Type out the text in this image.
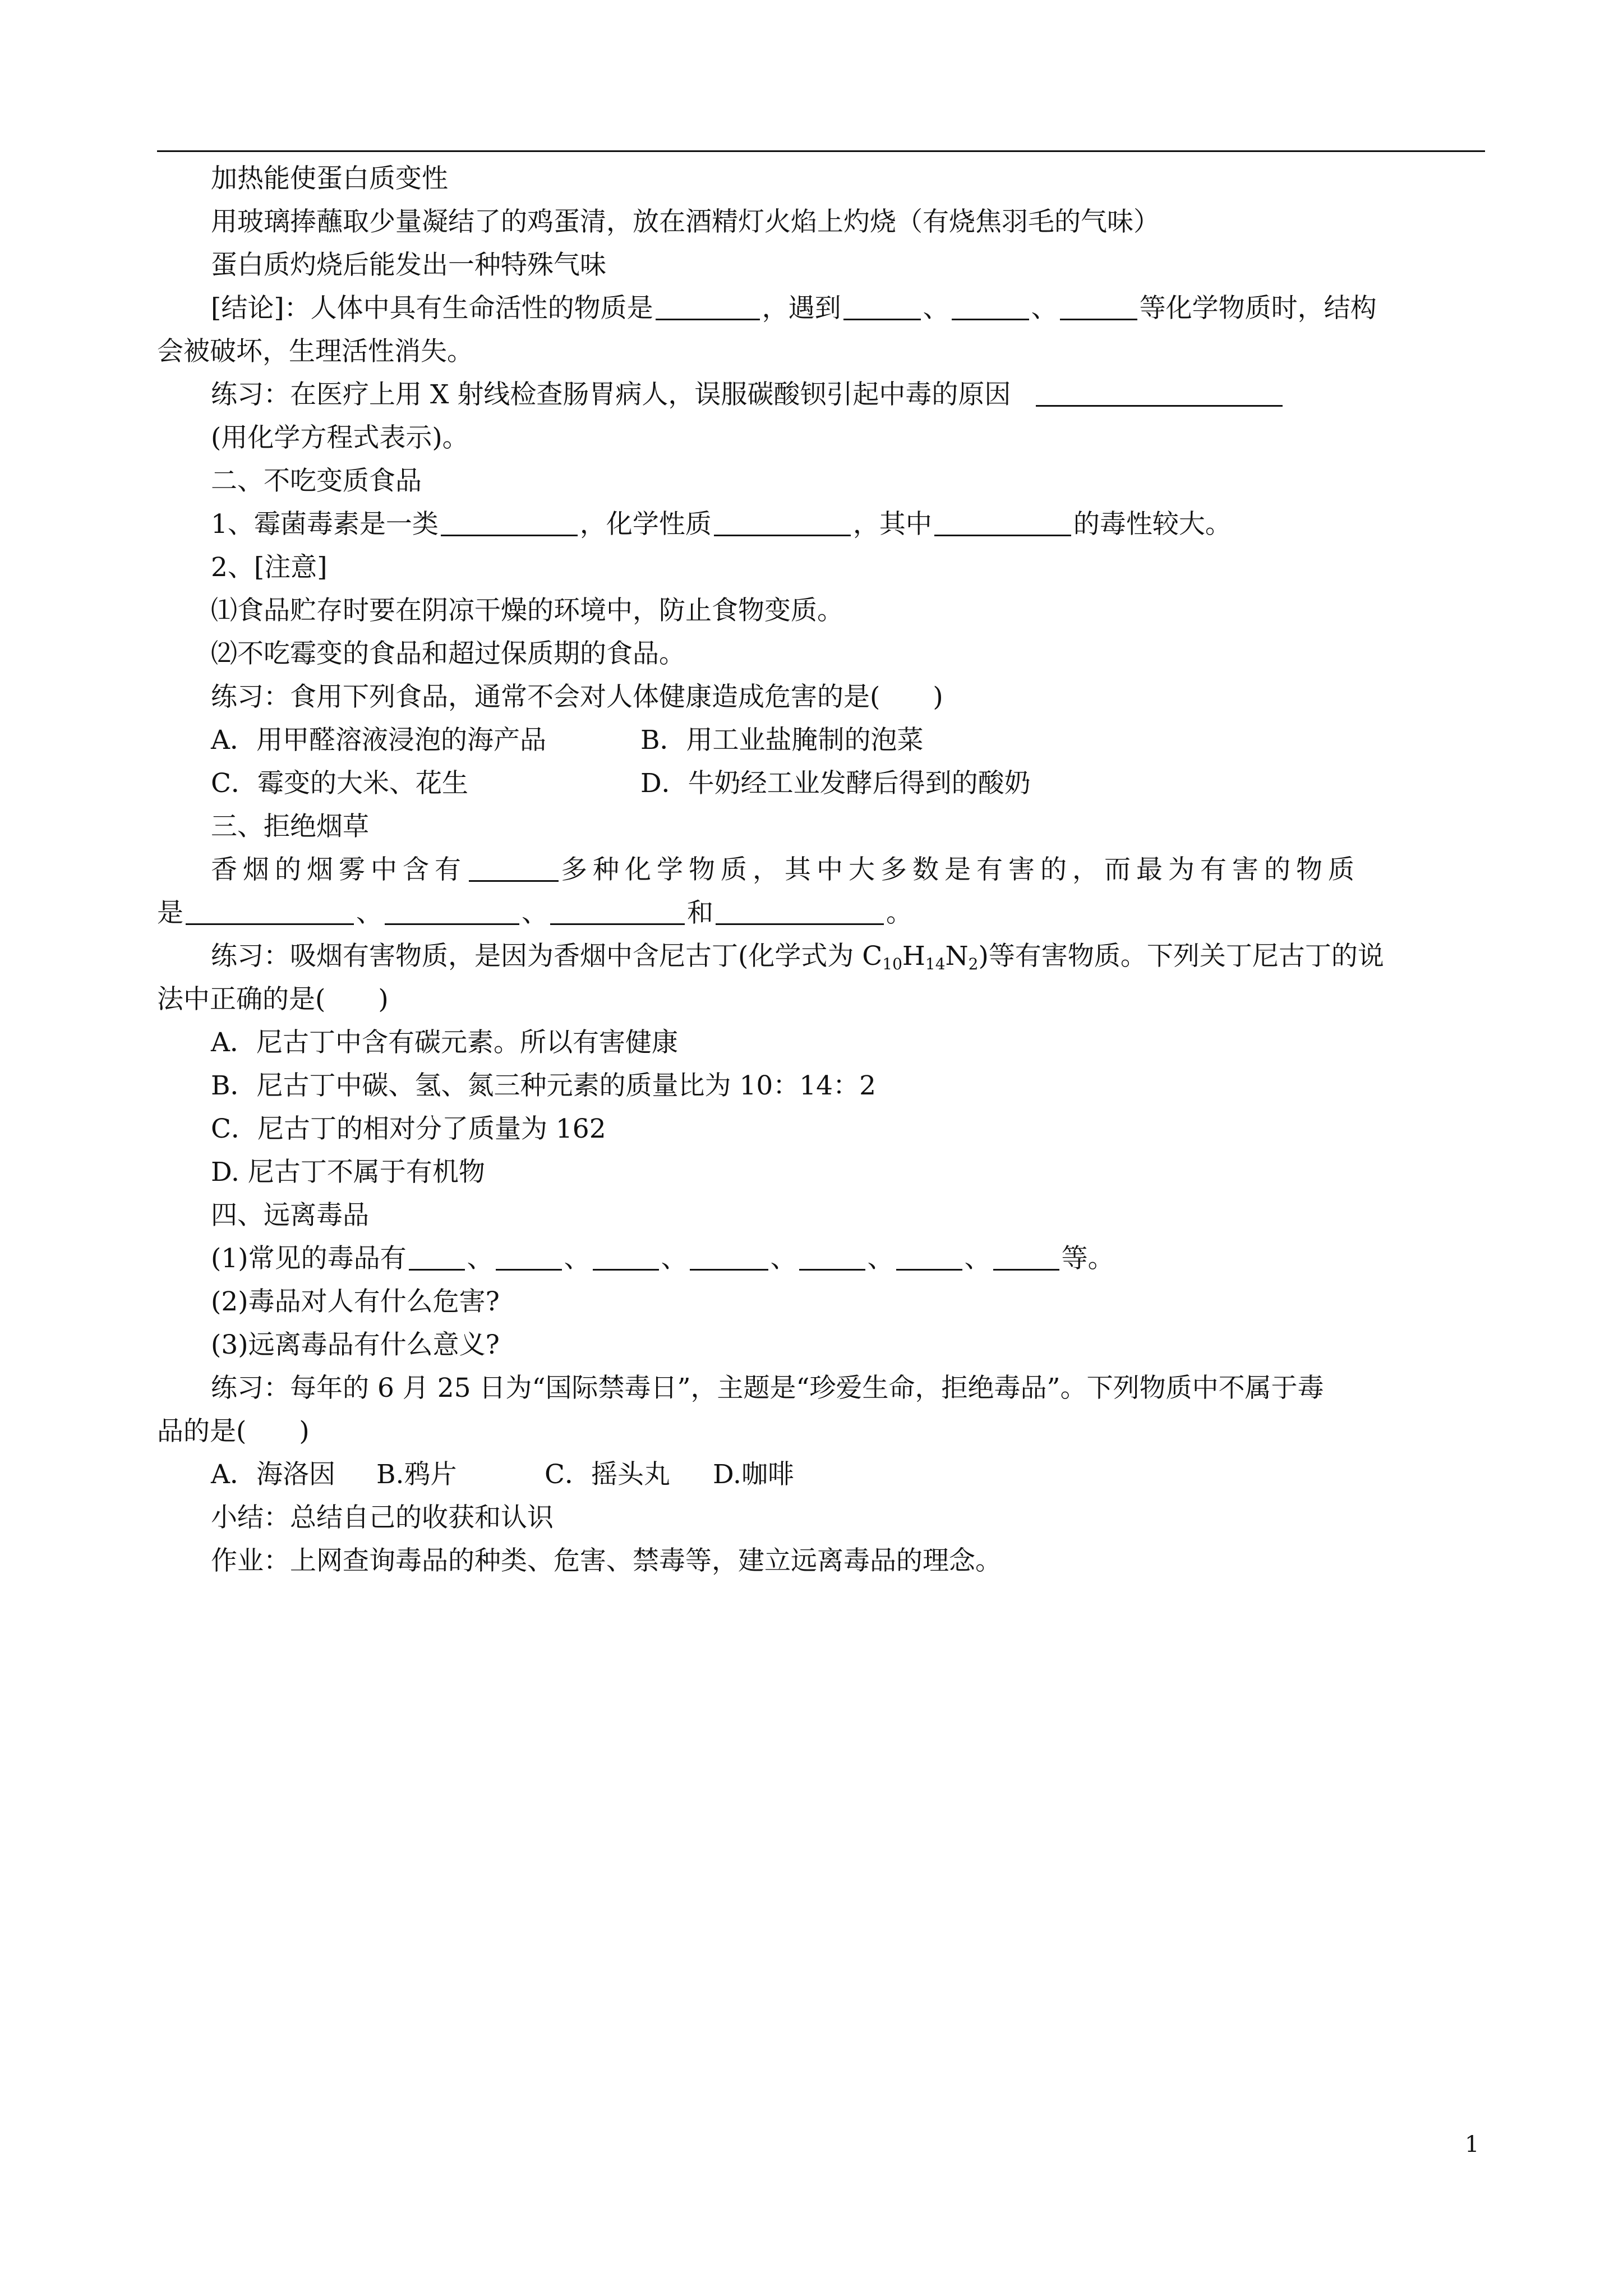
加热能使蛋白质变性
用玻璃捧蘸取少量凝结了的鸡蛋清，放在酒精灯火焰上灼烧（有烧焦羽毛的气味）
蛋白质灼烧后能发出一种特殊气味
[结论]：人体中具有生命活性的物质是	，遇到	、	、	等化学物质时，结构
会被破坏，生理活性消失。
练习：在医疗上用 X 射线检查肠胃病人，误服碳酸钡引起中毒的原因
(用化学方程式表示)。
二、不吃变质食品
1、霉菌毒素是一类	，化学性质	，其中	的毒性较大。
2、[注意]
⑴食品贮存时要在阴凉干燥的环境中，防止食物变质。
⑵不吃霉变的食品和超过保质期的食品。
练习：食用下列食品，通常不会对人体健康造成危害的是(　　)
A．用甲醛溶液浸泡的海产品	B．用工业盐腌制的泡菜
C．霉变的大米、花生	D．牛奶经工业发酵后得到的酸奶
三、拒绝烟草
香烟的烟雾中含有	多种化学物质，其中大多数是有害的，而最为有害的物质
是	、	、	和	。
练习：吸烟有害物质，是因为香烟中含尼古丁(化学式为 $C_{10}H_{14}N_2$)等有害物质。下列关丁尼古丁的说
法中正确的是(　　)
A．尼古丁中含有碳元素。所以有害健康
B．尼古丁中碳、氢、氮三种元素的质量比为 10：14：2
C．尼古丁的相对分了质量为 162
D. 尼古丁不属于有机物
四、远离毒品
(1)常见的毒品有 、	、	、	、	、	、	等。
(2)毒品对人有什么危害?
(3)远离毒品有什么意义?
练习：每年的 6 月 25 日为“国际禁毒日”，主题是“珍爱生命，拒绝毒品”。下列物质中不属于毒
品的是(　　)
A．海洛因 B.鸦片	C．摇头丸 D.咖啡
小结：总结自己的收获和认识
作业：上网查询毒品的种类、危害、禁毒等，建立远离毒品的理念。
1
